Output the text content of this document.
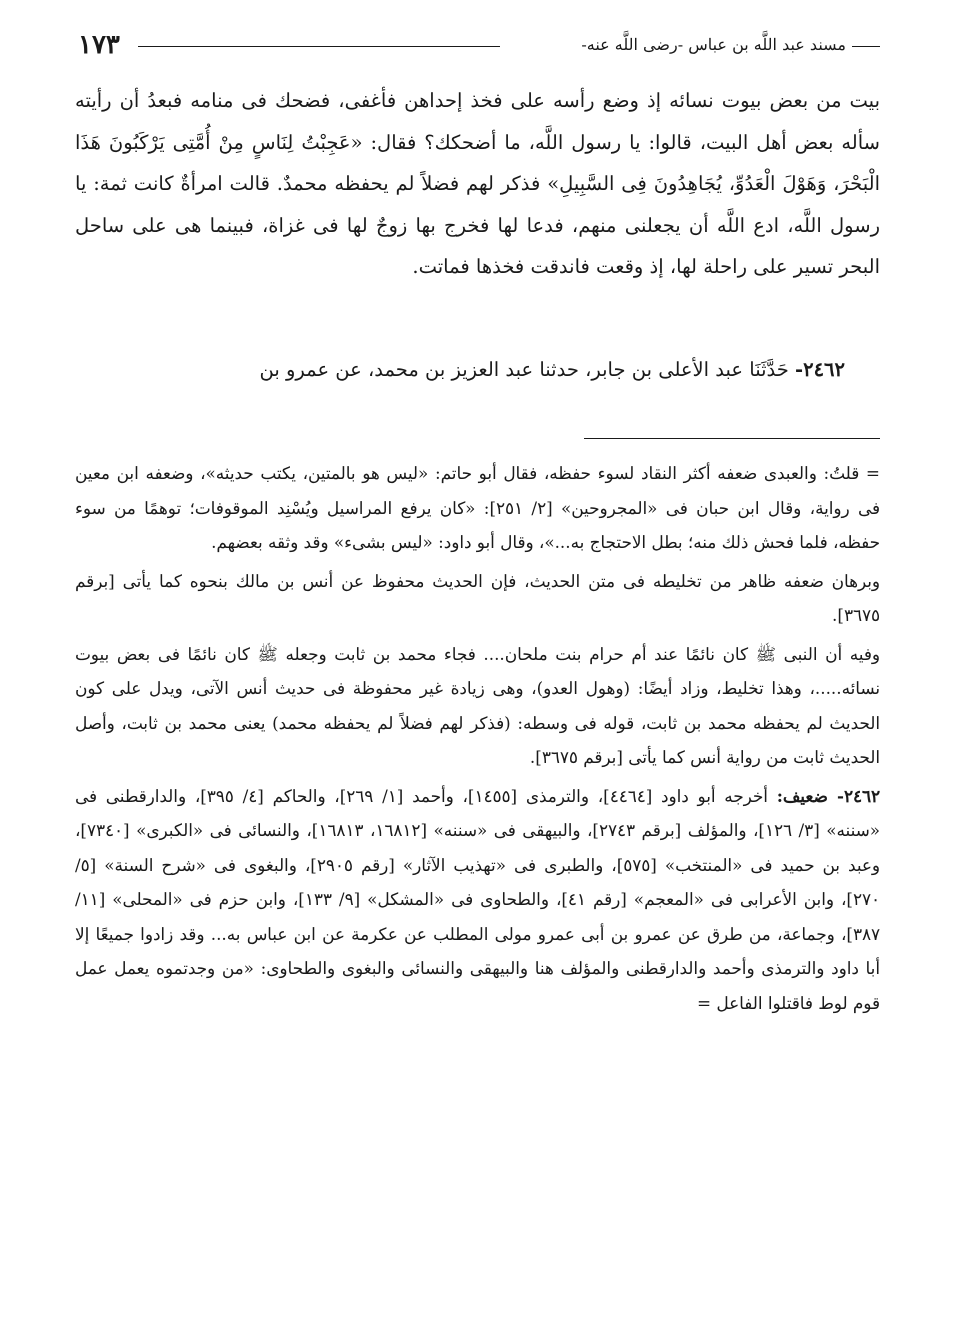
١٧٣	مسند عبد اللَّه بن عباس -رضى اللَّه عنه-

بيت من بعض بيوت نسائه إذ وضع رأسه على فخذ إحداهن فأغفى، فضحك فى منامه فبعدُ أن رأيته سأله بعض أهل البيت، قالوا: يا رسول اللَّه، ما أضحكك؟ فقال: «عَجِبْتُ لِنَاسٍ مِنْ أُمَّتِى يَرْكَبُونَ هَذَا الْبَحْرَ، وَهَوْلَ الْعَدُوِّ، يُجَاهِدُونَ فِى السَّبِيلِ» فذكر لهم فضلاً لم يحفظه محمدٌ. قالت امرأةٌ كانت ثمة: يا رسول اللَّه، ادع اللَّه أن يجعلنى منهم، فدعا لها فخرج بها زوجٌ لها فى غزاة، فبينما هى على ساحل البحر تسير على راحلة لها، إذ وقعت فاندقت فخذها فماتت.

٢٤٦٢- حَدَّثَنَا عبد الأعلى بن جابر، حدثنا عبد العزيز بن محمد، عن عمرو بن

= قلتُ: والعبدى ضعفه أكثر النقاد لسوء حفظه، فقال أبو حاتم: «ليس هو بالمتين، يكتب حديثه»، وضعفه ابن معين فى رواية، وقال ابن حبان فى «المجروحين» [٢/ ٢٥١]: «كان يرفع المراسيل ويُسْنِد الموقوفات؛ توهمًا من سوء حفظه، فلما فحش ذلك منه؛ بطل الاحتجاج به...»، وقال أبو داود: «ليس بشىء» وقد وثقه بعضهم.

وبرهان ضعفه ظاهر من تخليطه فى متن الحديث، فإن الحديث محفوظ عن أنس بن مالك بنحوه كما يأتى [برقم ٣٦٧٥].

وفيه أن النبى ﷺ كان نائمًا عند أم حرام بنت ملحان.... فجاء محمد بن ثابت وجعله ﷺ كان نائمًا فى بعض بيوت نسائه.....، وهذا تخليط، وزاد أيضًا: (وهول العدو)، وهى زيادة غير محفوظة فى حديث أنس الآتى، ويدل على كون الحديث لم يحفظه محمد بن ثابت، قوله فى وسطه: (فذكر لهم فضلاً لم يحفظه محمد) يعنى محمد بن ثابت، وأصل الحديث ثابت من رواية أنس كما يأتى [برقم ٣٦٧٥].

٢٤٦٢- ضعيف: أخرجه أبو داود [٤٤٦٤]، والترمذى [١٤٥٥]، وأحمد [١/ ٢٦٩]، والحاكم [٤/ ٣٩٥]، والدارقطنى فى «سننه» [٣/ ١٢٦]، والمؤلف [برقم ٢٧٤٣]، والبيهقى فى «سننه» [١٦٨١٢، ١٦٨١٣]، والنسائى فى «الكبرى» [٧٣٤٠]، وعبد بن حميد فى «المنتخب» [٥٧٥]، والطبرى فى «تهذيب الآثار» [رقم ٢٩٠٥]، والبغوى فى «شرح السنة» [٥/ ٢٧٠]، وابن الأعرابى فى «المعجم» [رقم ٤١]، والطحاوى فى «المشكل» [٩/ ١٣٣]، وابن حزم فى «المحلى» [١١/ ٣٨٧]، وجماعة، من طرق عن عمرو بن أبى عمرو مولى المطلب عن عكرمة عن ابن عباس به... وقد زادوا جميعًا إلا أبا داود والترمذى وأحمد والدارقطنى والمؤلف هنا والبيهقى والنسائى والبغوى والطحاوى: «من وجدتموه يعمل عمل قوم لوط فاقتلوا الفاعل =
